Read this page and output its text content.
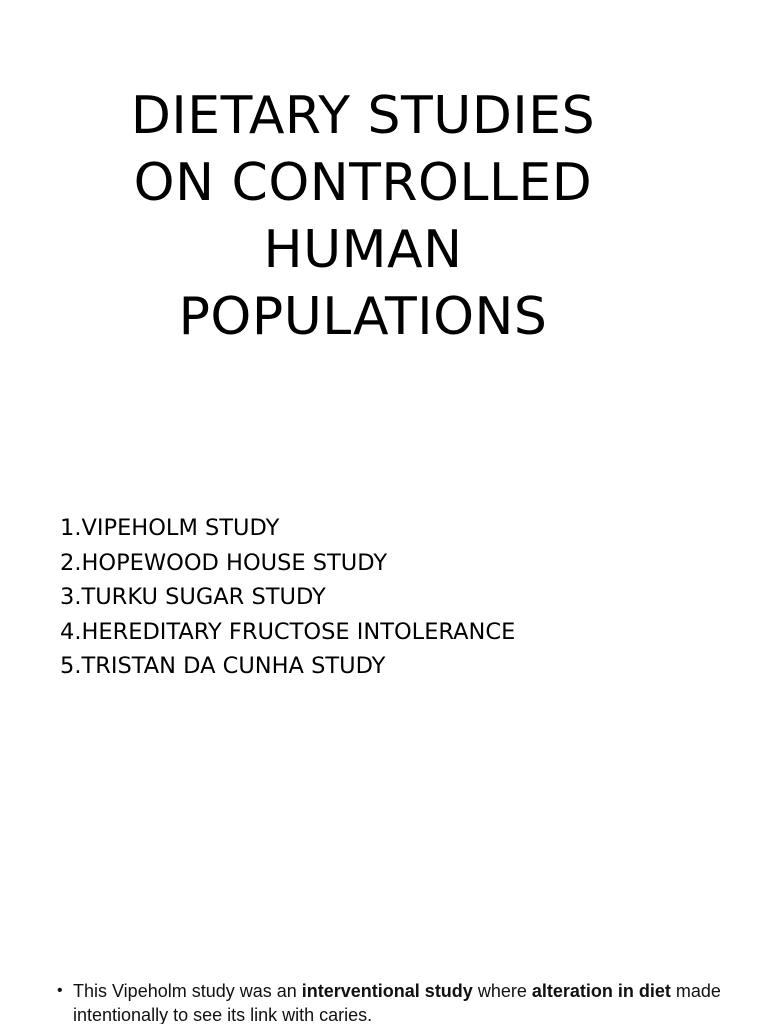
DIETARY STUDIES
ON CONTROLLED
HUMAN
POPULATIONS
1.VIPEHOLM STUDY
2.HOPEWOOD HOUSE STUDY
3.TURKU SUGAR STUDY
4.HEREDITARY FRUCTOSE INTOLERANCE
5.TRISTAN DA CUNHA STUDY
• This Vipeholm study was an interventional study where alteration in diet made intentionally to see its link with caries.
